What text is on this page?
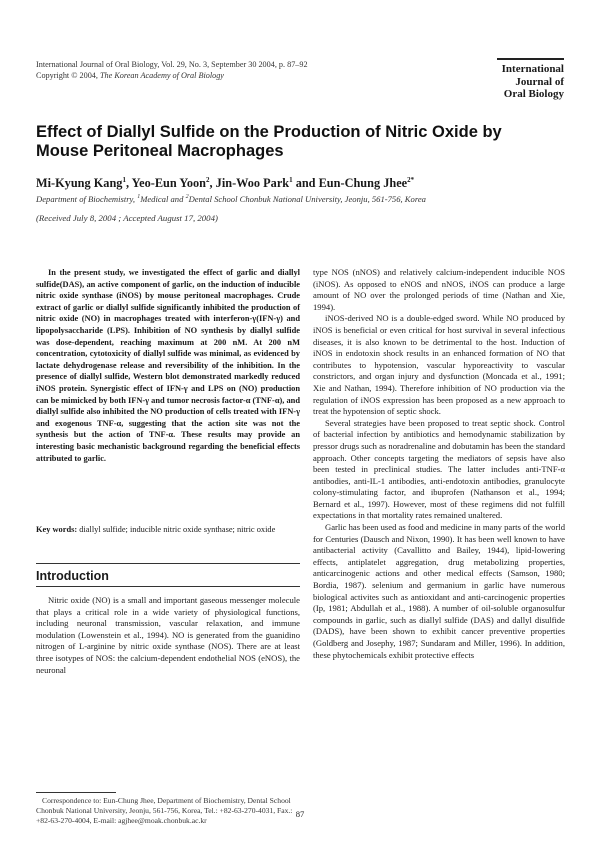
International Journal of Oral Biology, Vol. 29, No. 3, September 30 2004, p. 87–92
Copyright © 2004, The Korean Academy of Oral Biology
International
Journal of
Oral Biology
Effect of Diallyl Sulfide on the Production of Nitric Oxide by Mouse Peritoneal Macrophages
Mi-Kyung Kang$^1$, Yeo-Eun Yoon$^2$, Jin-Woo Park$^1$ and Eun-Chung Jhee$^{2*}$
Department of Biochemistry, $^1$Medical and $^2$Dental School Chonbuk National University, Jeonju, 561-756, Korea
(Received July 8, 2004 ; Accepted August 17, 2004)
In the present study, we investigated the effect of garlic and diallyl sulfide(DAS), an active component of garlic, on the induction of inducible nitric oxide synthase (iNOS) by mouse peritoneal macrophages. Crude extract of garlic or diallyl sulfide significantly inhibited the production of nitric oxide (NO) in macrophages treated with interferon-γ(IFN-γ) and lipopolysaccharide (LPS). Inhibition of NO synthesis by diallyl sulfide was dose-dependent, reaching maximum at 200 nM. At 200 nM concentration, cytotoxicity of diallyl sulfide was minimal, as evidenced by lactate dehydrogenase release and reversibility of the inhibition. In the presence of diallyl sulfide, Western blot demonstrated markedly reduced iNOS protein. Synergistic effect of IFN-γ and LPS on (NO) production can be mimicked by both IFN-γ and tumor necrosis factor-α (TNF-α), and diallyl sulfide also inhibited the NO production of cells treated with IFN-γ and exogenous TNF-α, suggesting that the action site was not the synthesis but the action of TNF-α. These results may provide an interesting basic mechanistic background regarding the beneficial effects attributed to garlic.
Key words: diallyl sulfide; inducible nitric oxide synthase; nitric oxide
Introduction
Nitric oxide (NO) is a small and important gaseous messenger molecule that plays a critical role in a wide variety of physiological functions, including neuronal transmission, vascular relaxation, and immune modulation (Lowenstein et al., 1994). NO is generated from the guanidino nitrogen of L-arginine by nitric oxide synthase (NOS). There are at least three isotypes of NOS: the calcium-dependent endothelial NOS (eNOS), the neuronal
Correspondence to: Eun-Chung Jhee, Department of Biochemistry, Dental School Chonbuk National University, Jeonju, 561-756, Korea, Tel.: +82-63-270-4031, Fax.: +82-63-270-4004, E-mail: agjhee@moak.chonbuk.ac.kr

type NOS (nNOS) and relatively calcium-independent inducible NOS (iNOS). As opposed to eNOS and nNOS, iNOS can produce a large amount of NO over the prolonged periods of time (Nathan and Xie, 1994).

iNOS-derived NO is a double-edged sword. While NO produced by iNOS is beneficial or even critical for host survival in several infectious diseases, it is also known to be detrimental to the host. Induction of iNOS in endotoxin shock results in an enhanced formation of NO that contributes to hypotension, vascular hyporeactivity to vascular constrictors, and organ injury and dysfunction (Moncada et al., 1991; Xie and Nathan, 1994). Therefore inhibition of NO production via the regulation of iNOS expression has been proposed as a new approach to treat the hypotension of septic shock.

Several strategies have been proposed to treat septic shock. Control of bacterial infection by antibiotics and hemodynamic stabilization by pressor drugs such as noradrenaline and dobutamin has been the standard approach. Other concepts targeting the mediators of sepsis have also been tested in preclinical studies. The latter includes anti-TNF-α antibodies, anti-IL-1 antibodies, anti-endotoxin antibodies, granulocyte colony-stimulating factor, and ibuprofen (Nathanson et al., 1994; Bernard et al., 1997). However, most of these regimens did not fulfill expectations in that mortality rates remained unaltered.

Garlic has been used as food and medicine in many parts of the world for Centuries (Dausch and Nixon, 1990). It has been well known to have antibacterial activity (Cavallitto and Bailey, 1944), lipid-lowering effects, antiplatelet aggregation, drug metabolizing properties, anticarcinogenic actions and other medical effects (Samson, 1980; Bordia, 1987). selenium and germanium in garlic have numerous biological activites such as antioxidant and anti-carcinogenic properties (Ip, 1981; Abdullah et al., 1988). A number of oil-soluble organosulfur compounds in garlic, such as diallyl sulfide (DAS) and dallyl disulfide (DADS), have been shown to exhibit cancer preventive properties (Goldberg and Josephy, 1987; Sundaram and Miller, 1996). In addition, these phytochemicals exhibit protective effects

87
